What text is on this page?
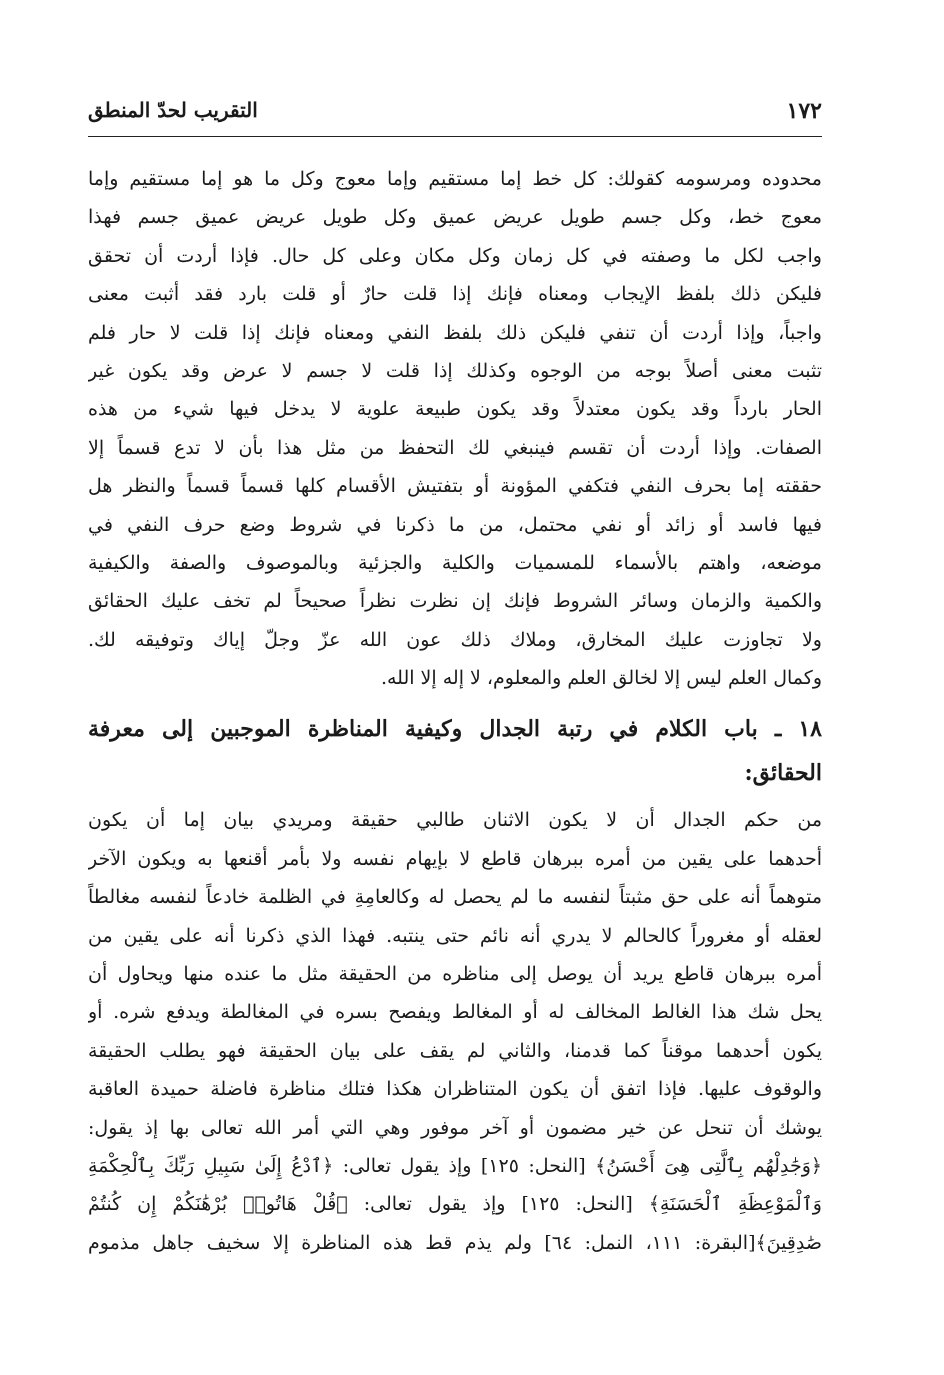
١٧٢
التقريب لحدّ المنطق
محدوده ومرسومه كقولك: كل خط إما مستقيم وإما معوج وكل ما هو إما مستقيم وإما
معوج خط، وكل جسم طويل عريض عميق وكل طويل عريض عميق جسم فهذا
واجب لكل ما وصفته في كل زمان وكل مكان وعلى كل حال. فإذا أردت أن تحقق
فليكن ذلك بلفظ الإيجاب ومعناه فإنك إذا قلت حارٌ أو قلت بارد فقد أثبت معنى
واجباً، وإذا أردت أن تنفي فليكن ذلك بلفظ النفي ومعناه فإنك إذا قلت لا حار فلم
تثبت معنى أصلاً بوجه من الوجوه وكذلك إذا قلت لا جسم لا عرض وقد يكون غير
الحار بارداً وقد يكون معتدلاً وقد يكون طبيعة علوية لا يدخل فيها شيء من هذه
الصفات. وإذا أردت أن تقسم فينبغي لك التحفظ من مثل هذا بأن لا تدع قسماً إلا
حققته إما بحرف النفي فتكفي المؤونة أو بتفتيش الأقسام كلها قسماً قسماً والنظر هل
فيها فاسد أو زائد أو نفي محتمل، من ما ذكرنا في شروط وضع حرف النفي في
موضعه، واهتم بالأسماء للمسميات والكلية والجزئية وبالموصوف والصفة والكيفية
والكمية والزمان وسائر الشروط فإنك إن نظرت نظراً صحيحاً لم تخف عليك الحقائق
ولا تجاوزت عليك المخارق، وملاك ذلك عون الله عزّ وجلّ إياك وتوفيقه لك.
وكمال العلم ليس إلا لخالق العلم والمعلوم، لا إله إلا الله.
١٨ ـ باب الكلام في رتبة الجدال وكيفية المناظرة الموجبين إلى معرفة
الحقائق:
من حكم الجدال أن لا يكون الاثنان طالبي حقيقة ومريدي بيان إما أن يكون
أحدهما على يقين من أمره ببرهان قاطع لا بإيهام نفسه ولا بأمر أقنعها به ويكون الآخر
متوهماً أنه على حق مثبتاً لنفسه ما لم يحصل له وكالعامِةِ في الظلمة خادعاً لنفسه مغالطاً
لعقله أو مغروراً كالحالم لا يدري أنه نائم حتى ينتبه. فهذا الذي ذكرنا أنه على يقين من
أمره ببرهان قاطع يريد أن يوصل إلى مناظره من الحقيقة مثل ما عنده منها ويحاول أن
يحل شك هذا الغالط المخالف له أو المغالط ويفصح بسره في المغالطة ويدفع شره. أو
يكون أحدهما موقناً كما قدمنا، والثاني لم يقف على بيان الحقيقة فهو يطلب الحقيقة
والوقوف عليها. فإذا اتفق أن يكون المتناظران هكذا فتلك مناظرة فاضلة حميدة العاقبة
يوشك أن تنحل عن خير مضمون أو آخر موفور وهي التي أمر الله تعالى بها إذ يقول:
﴿وَجَٰدِلْهُم بِٱلَّتِى هِىَ أَحْسَنُ﴾ [النحل: ١٢٥] وإذ يقول تعالى: ﴿ٱدْعُ إِلَىٰ سَبِيلِ رَبِّكَ بِٱلْحِكْمَةِ
وَٱلْمَوْعِظَةِ ٱلْحَسَنَةِ﴾ [النحل: ١٢٥] وإذ يقول تعالى: ﴿قُلْ هَاتُوا۟ بُرْهَٰنَكُمْ إِن كُنتُمْ
صَٰدِقِينَ﴾[البقرة: ١١١، النمل: ٦٤] ولم يذم قط هذه المناظرة إلا سخيف جاهل مذموم
